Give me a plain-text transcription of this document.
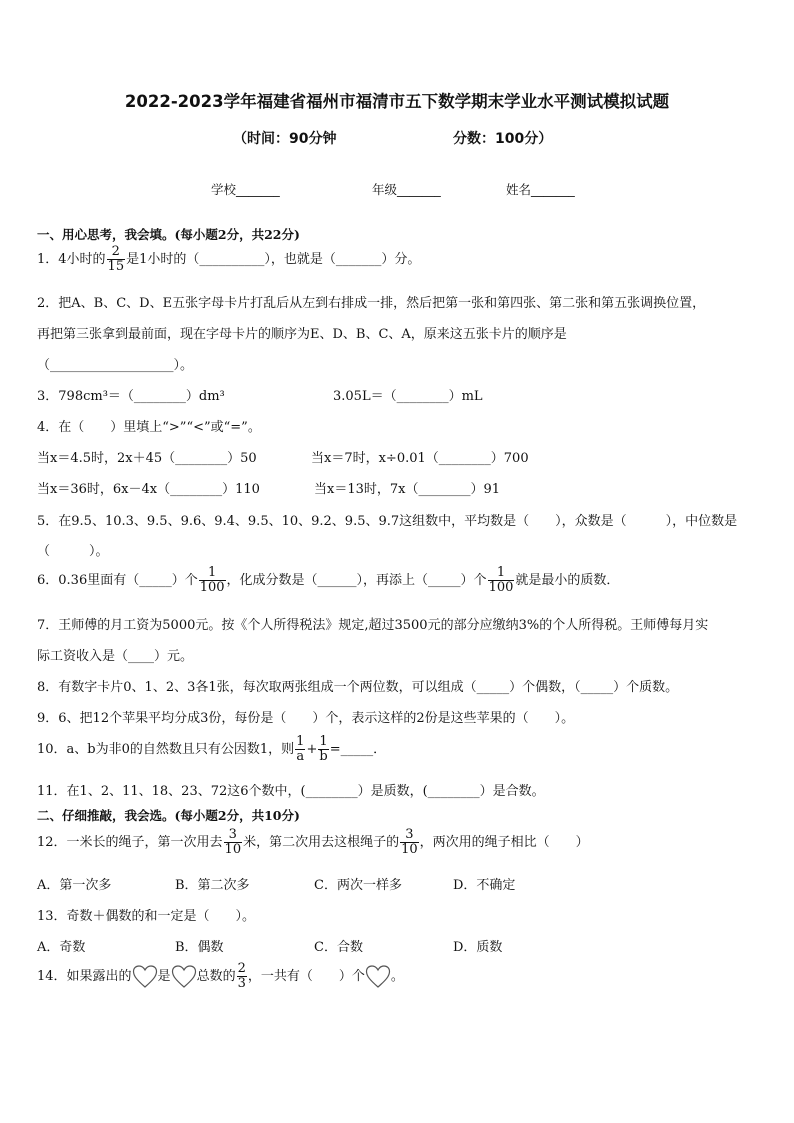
2022-2023学年福建省福州市福清市五下数学期末学业水平测试模拟试题
（时间：90分钟	分数：100分）
学校_______	年级_______	姓名_______
一、用心思考，我会填。(每小题2分，共22分)
1．4小时的 $\frac{2}{15}$ 是1小时的（__________），也就是（_______）分。
2．把A、B、C、D、E五张字母卡片打乱后从左到右排成一排，然后把第一张和第四张、第二张和第五张调换位置，
再把第三张拿到最前面，现在字母卡片的顺序为E、D、B、C、A，原来这五张卡片的顺序是
（___________________）。
3．798cm³＝（________）dm³	3.05L＝（________）mL
4．在（　　）里填上“>”“<”或“=”。
当x＝4.5时，2x＋45（________）50	当x＝7时，x÷0.01（________）700
当x＝36时，6x－4x（________）110	当x＝13时，7x（________）91
5．在9.5、10.3、9.5、9.6、9.4、9.5、10、9.2、9.5、9.7这组数中，平均数是（　　），众数是（　　　），中位数是
（　　　）。
6．0.36里面有（_____）个 $\frac{1}{100}$ ，化成分数是（______），再添上（_____）个 $\frac{1}{100}$ 就是最小的质数．
7．王师傅的月工资为5000元。按《个人所得税法》规定,超过3500元的部分应缴纳3%的个人所得税。王师傅每月实
际工资收入是（____）元。
8．有数字卡片0、1、2、3各1张，每次取两张组成一个两位数，可以组成（_____）个偶数，（_____）个质数。
9．6、把12个苹果平均分成3份，每份是（　　）个，表示这样的2份是这些苹果的（　　）。
10．a、b为非0的自然数且只有公因数1，则 $\frac{1}{a} + \frac{1}{b}$ =_____．
11．在1、2、11、18、23、72这6个数中，(________）是质数，(________）是合数。
二、仔细推敲，我会选。(每小题2分，共10分)
12．一米长的绳子，第一次用去 $\frac{3}{10}$ 米，第二次用去这根绳子的 $\frac{3}{10}$ ，两次用的绳子相比（　　）
A．第一次多	B．第二次多	C．两次一样多	D．不确定
13．奇数＋偶数的和一定是（　　）。
A．奇数	B．偶数	C．合数	D．质数
14．如果露出的 是 总数的 $\frac{2}{3}$ ，一共有（　　）个 。
